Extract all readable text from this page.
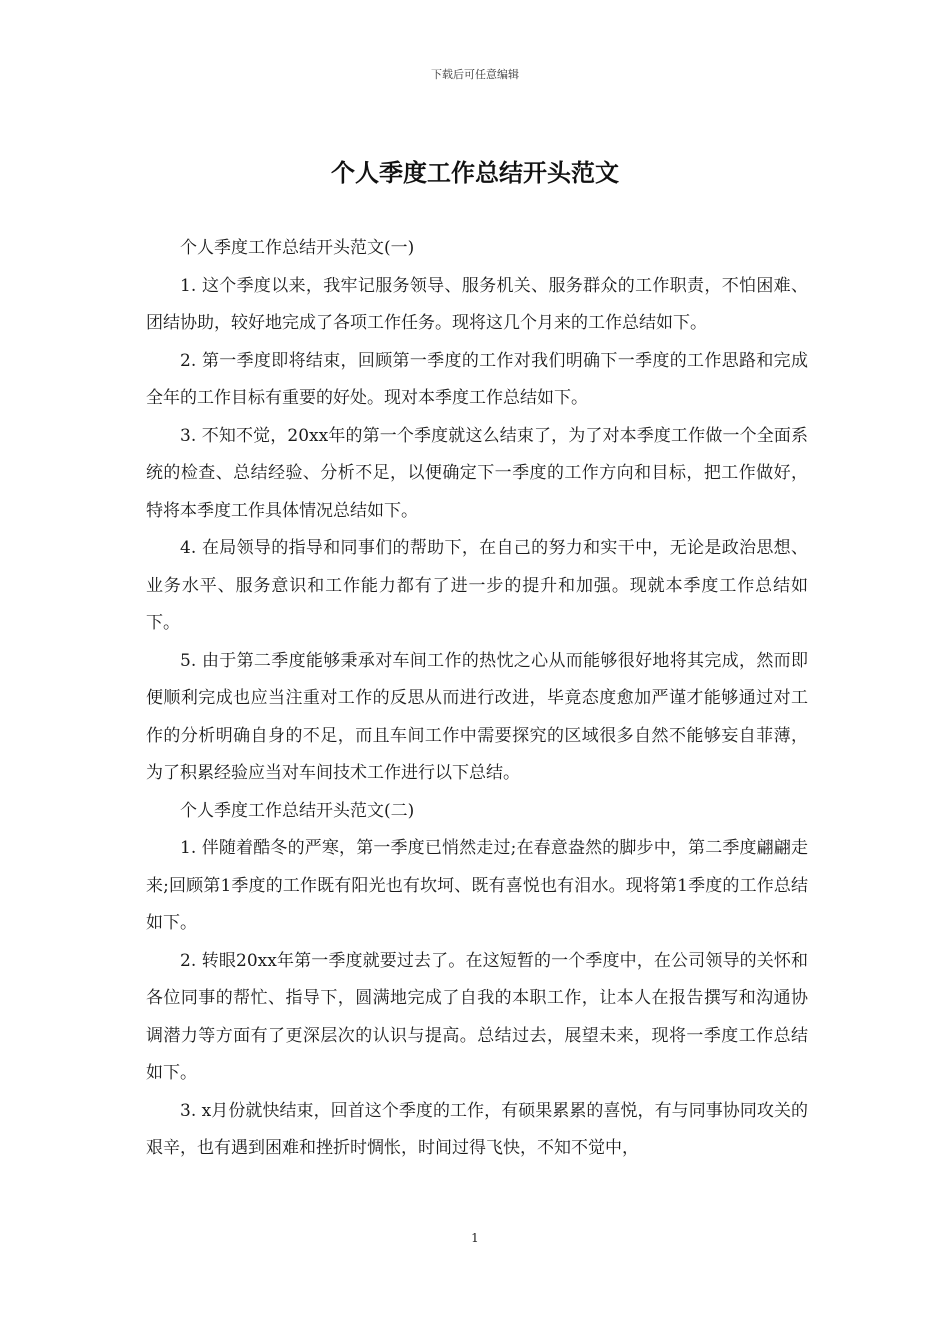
下载后可任意编辑
个人季度工作总结开头范文

个人季度工作总结开头范文(一)

1. 这个季度以来，我牢记服务领导、服务机关、服务群众的工作职责，不怕困难、团结协助，较好地完成了各项工作任务。现将这几个月来的工作总结如下。

2. 第一季度即将结束，回顾第一季度的工作对我们明确下一季度的工作思路和完成全年的工作目标有重要的好处。现对本季度工作总结如下。

3. 不知不觉，20xx年的第一个季度就这么结束了，为了对本季度工作做一个全面系统的检查、总结经验、分析不足，以便确定下一季度的工作方向和目标，把工作做好，特将本季度工作具体情况总结如下。

4. 在局领导的指导和同事们的帮助下，在自己的努力和实干中，无论是政治思想、业务水平、服务意识和工作能力都有了进一步的提升和加强。现就本季度工作总结如下。

5. 由于第二季度能够秉承对车间工作的热忱之心从而能够很好地将其完成，然而即便顺利完成也应当注重对工作的反思从而进行改进，毕竟态度愈加严谨才能够通过对工作的分析明确自身的不足，而且车间工作中需要探究的区域很多自然不能够妄自菲薄，为了积累经验应当对车间技术工作进行以下总结。

个人季度工作总结开头范文(二)

1. 伴随着酷冬的严寒，第一季度已悄然走过;在春意盎然的脚步中，第二季度翩翩走来;回顾第1季度的工作既有阳光也有坎坷、既有喜悦也有泪水。现将第1季度的工作总结如下。

2. 转眼20xx年第一季度就要过去了。在这短暂的一个季度中，在公司领导的关怀和各位同事的帮忙、指导下，圆满地完成了自我的本职工作，让本人在报告撰写和沟通协调潜力等方面有了更深层次的认识与提高。总结过去，展望未来，现将一季度工作总结如下。

3. x月份就快结束，回首这个季度的工作，有硕果累累的喜悦，有与同事协同攻关的艰辛，也有遇到困难和挫折时惆怅，时间过得飞快，不知不觉中，

1
